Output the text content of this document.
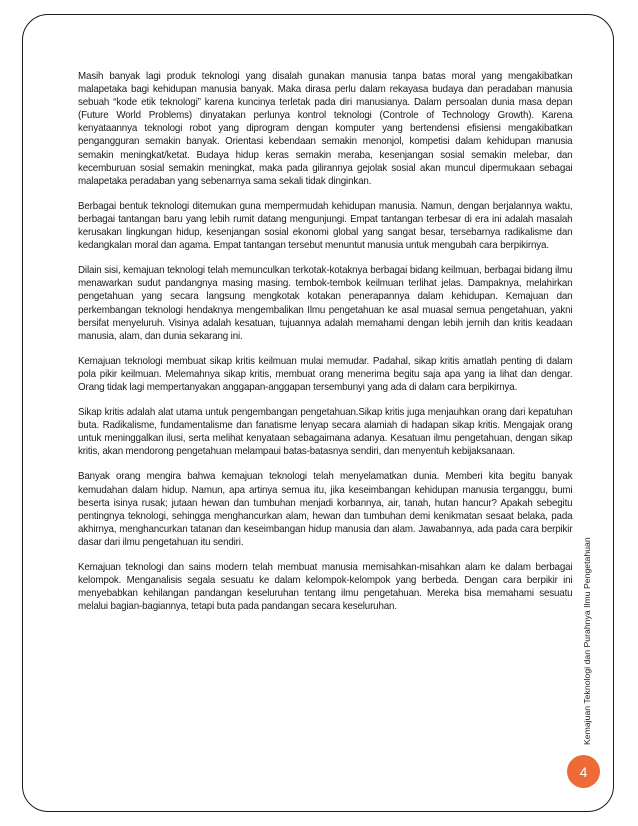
Masih banyak lagi produk teknologi yang disalah gunakan manusia tanpa batas moral yang mengakibatkan malapetaka bagi kehidupan manusia banyak. Maka dirasa perlu dalam rekayasa budaya dan peradaban manusia sebuah “kode etik teknologi” karena kuncinya terletak pada diri manusianya. Dalam persoalan dunia masa depan (Future World Problems) dinyatakan perlunya kontrol teknologi (Controle of Technology Growth). Karena kenyataannya teknologi robot yang diprogram dengan komputer yang bertendensi efisiensi mengakibatkan pengangguran semakin banyak. Orientasi kebendaan semakin menonjol, kompetisi dalam kehidupan manusia semakin meningkat/ketat. Budaya hidup keras semakin meraba, kesenjangan sosial semakin melebar, dan kecemburuan sosial semakin meningkat, maka pada gilirannya gejolak sosial akan muncul dipermukaan sebagai malapetaka peradaban yang sebenarnya sama sekali tidak dinginkan.

Berbagai bentuk teknologi ditemukan guna mempermudah kehidupan manusia. Namun, dengan berjalannya waktu, berbagai tantangan baru yang lebih rumit datang mengunjungi. Empat tantangan terbesar di era ini adalah masalah kerusakan lingkungan hidup, kesenjangan sosial ekonomi global yang sangat besar, tersebarnya radikalisme dan kedangkalan moral dan agama. Empat tantangan tersebut menuntut manusia untuk mengubah cara berpikirnya.

Dilain sisi, kemajuan teknologi telah memunculkan terkotak-kotaknya berbagai bidang keilmuan, berbagai bidang ilmu menawarkan sudut pandangnya masing masing. tembok-tembok keilmuan terlihat jelas. Dampaknya, melahirkan pengetahuan yang secara langsung mengkotak kotakan penerapannya dalam kehidupan. Kemajuan dan perkembangan teknologi hendaknya mengembalikan Ilmu pengetahuan ke asal muasal semua pengetahuan, yakni bersifat menyeluruh. Visinya adalah kesatuan, tujuannya adalah memahami dengan lebih jernih dan kritis keadaan manusia, alam, dan dunia sekarang ini.

Kemajuan teknologi membuat sikap kritis keilmuan mulai memudar. Padahal, sikap kritis amatlah penting di dalam pola pikir keilmuan. Melemahnya sikap kritis, membuat orang menerima begitu saja apa yang ia lihat dan dengar. Orang tidak lagi mempertanyakan anggapan-anggapan tersembunyi yang ada di dalam cara berpikirnya.

Sikap kritis adalah alat utama untuk pengembangan pengetahuan.Sikap kritis juga menjauhkan orang dari kepatuhan buta. Radikalisme, fundamentalisme dan fanatisme lenyap secara alamiah di hadapan sikap kritis. Mengajak orang untuk meninggalkan ilusi, serta melihat kenyataan sebagaimana adanya. Kesatuan ilmu pengetahuan, dengan sikap kritis, akan mendorong pengetahuan melampaui batas-batasnya sendiri, dan menyentuh kebijaksanaan.

Banyak orang mengira bahwa kemajuan teknologi telah menyelamatkan dunia. Memberi kita begitu banyak kemudahan dalam hidup. Namun, apa artinya semua itu, jika keseimbangan kehidupan manusia terganggu, bumi beserta isinya rusak; jutaan hewan dan tumbuhan menjadi korbannya, air, tanah, hutan hancur? Apakah sebegitu pentingnya teknologi, sehingga menghancurkan alam, hewan dan tumbuhan demi kenikmatan sesaat belaka, pada akhirnya, menghancurkan tatanan dan keseimbangan hidup manusia dan alam. Jawabannya, ada pada cara berpikir dasar dari ilmu pengetahuan itu sendiri.

Kemajuan teknologi dan sains modern telah membuat manusia memisahkan-misahkan alam ke dalam berbagai kelompok. Menganalisis segala sesuatu ke dalam kelompok-kelompok yang berbeda. Dengan cara berpikir ini menyebabkan kehilangan pandangan keseluruhan tentang ilmu pengetahuan. Mereka bisa memahami sesuatu melalui bagian-bagiannya, tetapi buta pada pandangan secara keseluruhan.	Kemajuan Teknologi dan Purahnya Ilmu Pengetahuan
4
